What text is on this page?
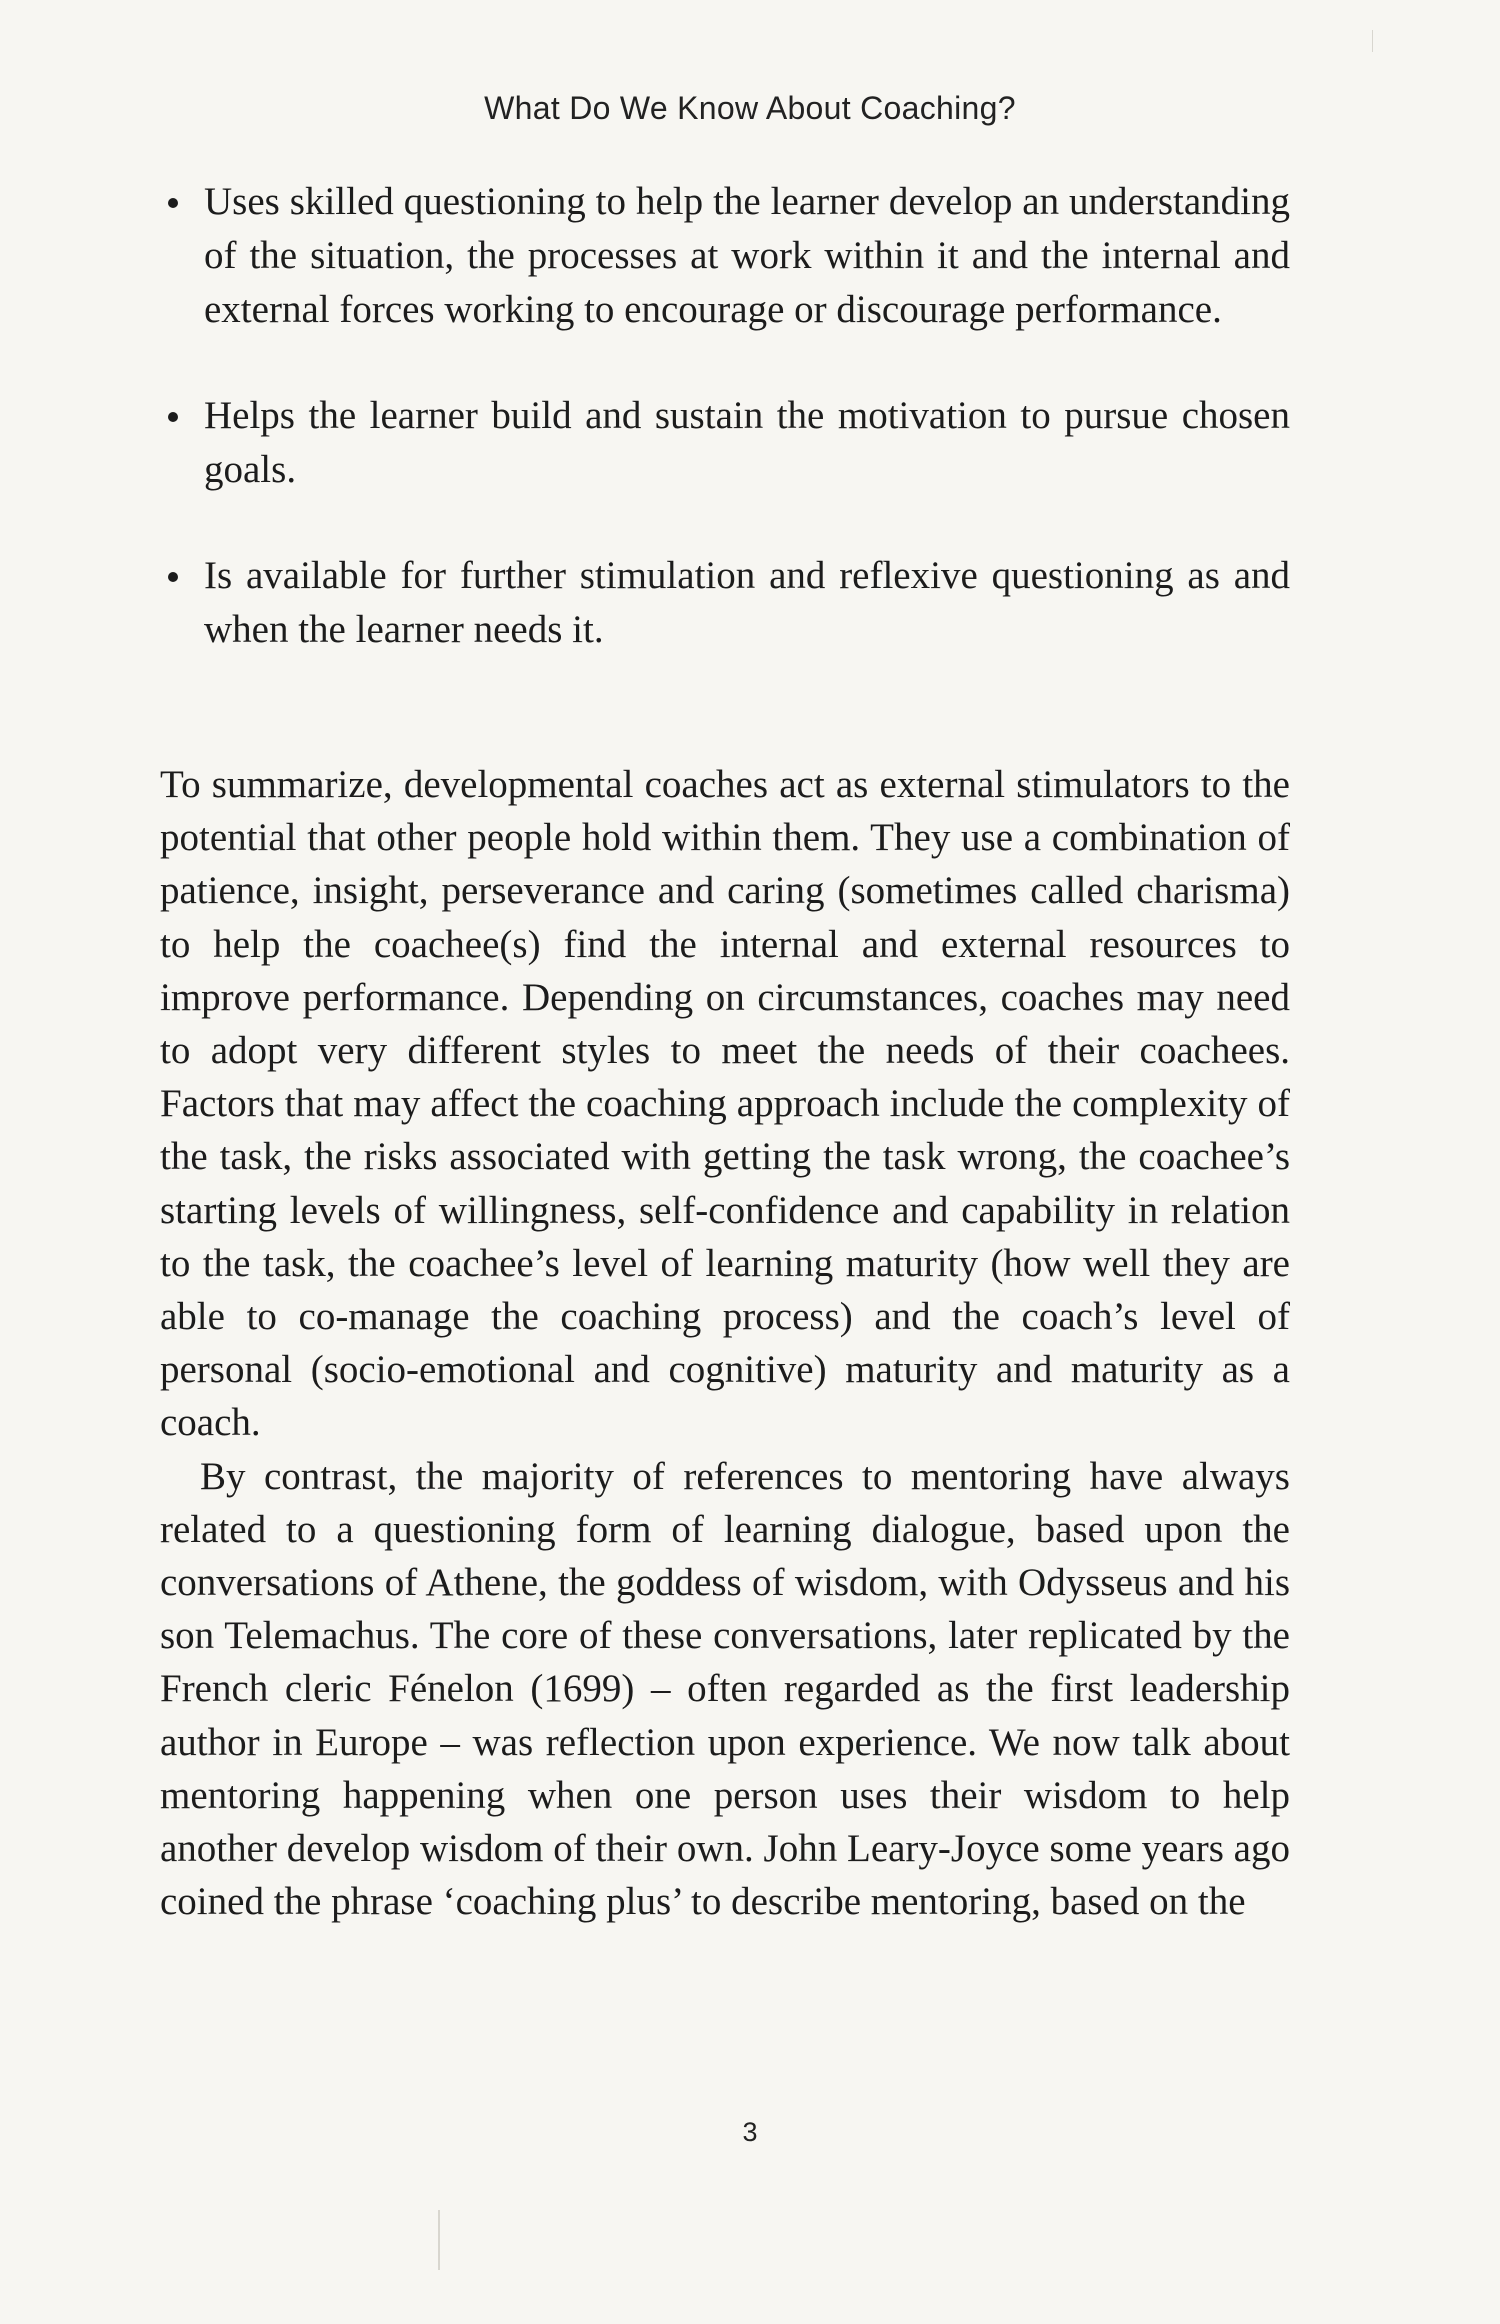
What Do We Know About Coaching?
Uses skilled questioning to help the learner develop an understanding of the situation, the processes at work within it and the internal and external forces working to encourage or discourage performance.
Helps the learner build and sustain the motivation to pursue chosen goals.
Is available for further stimulation and reflexive questioning as and when the learner needs it.

To summarize, developmental coaches act as external stimulators to the potential that other people hold within them. They use a combination of patience, insight, perseverance and caring (sometimes called charisma) to help the coachee(s) find the internal and external resources to improve performance. Depending on circumstances, coaches may need to adopt very different styles to meet the needs of their coachees. Factors that may affect the coaching approach include the complexity of the task, the risks associated with getting the task wrong, the coachee’s starting levels of willingness, self-confidence and capability in relation to the task, the coachee’s level of learning maturity (how well they are able to co-manage the coaching process) and the coach’s level of personal (socio-emotional and cognitive) maturity and maturity as a coach.

By contrast, the majority of references to mentoring have always related to a questioning form of learning dialogue, based upon the conversations of Athene, the goddess of wisdom, with Odysseus and his son Telemachus. The core of these conversations, later replicated by the French cleric Fénelon (1699) – often regarded as the first leadership author in Europe – was reflection upon experience. We now talk about mentoring happening when one person uses their wisdom to help another develop wisdom of their own. John Leary-Joyce some years ago coined the phrase ‘coaching plus’ to describe mentoring, based on the

3
